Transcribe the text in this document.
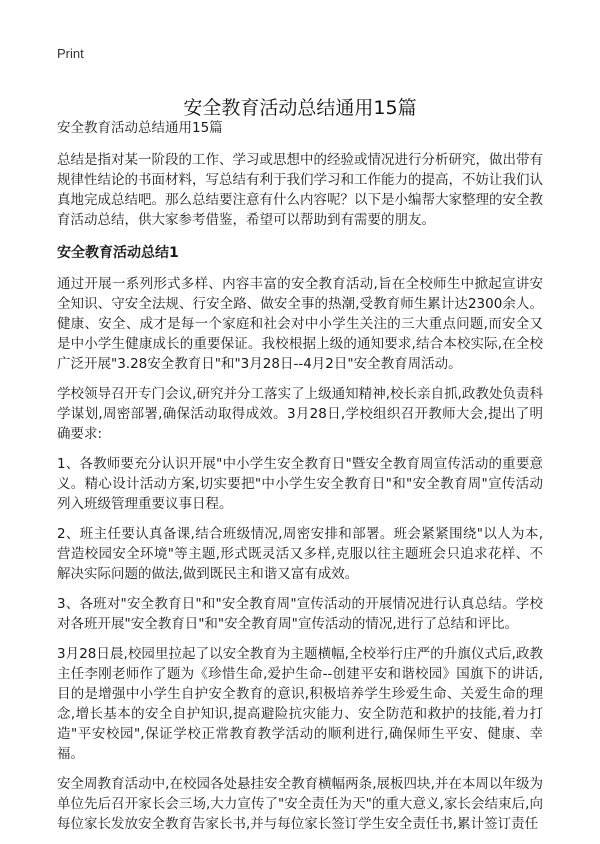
Print
安全教育活动总结通用15篇

安全教育活动总结通用15篇

总结是指对某一阶段的工作、学习或思想中的经验或情况进行分析研究，做出带有规律性结论的书面材料，写总结有利于我们学习和工作能力的提高，不妨让我们认真地完成总结吧。那么总结要注意有什么内容呢？以下是小编帮大家整理的安全教育活动总结，供大家参考借鉴，希望可以帮助到有需要的朋友。

安全教育活动总结1

通过开展一系列形式多样、内容丰富的安全教育活动,旨在全校师生中掀起宣讲安全知识、守安全法规、行安全路、做安全事的热潮,受教育师生累计达2300余人。健康、安全、成才是每一个家庭和社会对中小学生关注的三大重点问题,而安全又是中小学生健康成长的重要保证。我校根据上级的通知要求,结合本校实际,在全校广泛开展"3.28安全教育日"和"3月28日--4月2日"安全教育周活动。

学校领导召开专门会议,研究并分工落实了上级通知精神,校长亲自抓,政教处负责科学谋划,周密部署,确保活动取得成效。3月28日,学校组织召开教师大会,提出了明确要求:

1、各教师要充分认识开展"中小学生安全教育日"暨安全教育周宣传活动的重要意义。精心设计活动方案,切实要把"中小学生安全教育日"和"安全教育周"宣传活动列入班级管理重要议事日程。

2、班主任要认真备课,结合班级情况,周密安排和部署。班会紧紧围绕"以人为本,营造校园安全环境"等主题,形式既灵活又多样,克服以往主题班会只追求花样、不解决实际问题的做法,做到既民主和谐又富有成效。

3、各班对"安全教育日"和"安全教育周"宣传活动的开展情况进行认真总结。学校对各班开展"安全教育日"和"安全教育周"宣传活动的情况,进行了总结和评比。

3月28日晨,校园里拉起了以安全教育为主题横幅,全校举行庄严的升旗仪式后,政教主任李刚老师作了题为《珍惜生命,爱护生命--创建平安和谐校园》国旗下的讲话,目的是增强中小学生自护安全教育的意识,积极培养学生珍爱生命、关爱生命的理念,增长基本的安全自护知识,提高避险抗灾能力、安全防范和救护的技能,着力打造"平安校园",保证学校正常教育教学活动的顺利进行,确保师生平安、健康、幸福。

安全周教育活动中,在校园各处悬挂安全教育横幅两条,展板四块,并在本周以年级为单位先后召开家长会三场,大力宣传了"安全责任为天"的重大意义,家长会结束后,向每位家长发放安全教育告家长书,并与每位家长签订学生安全责任书,累计签订责任
